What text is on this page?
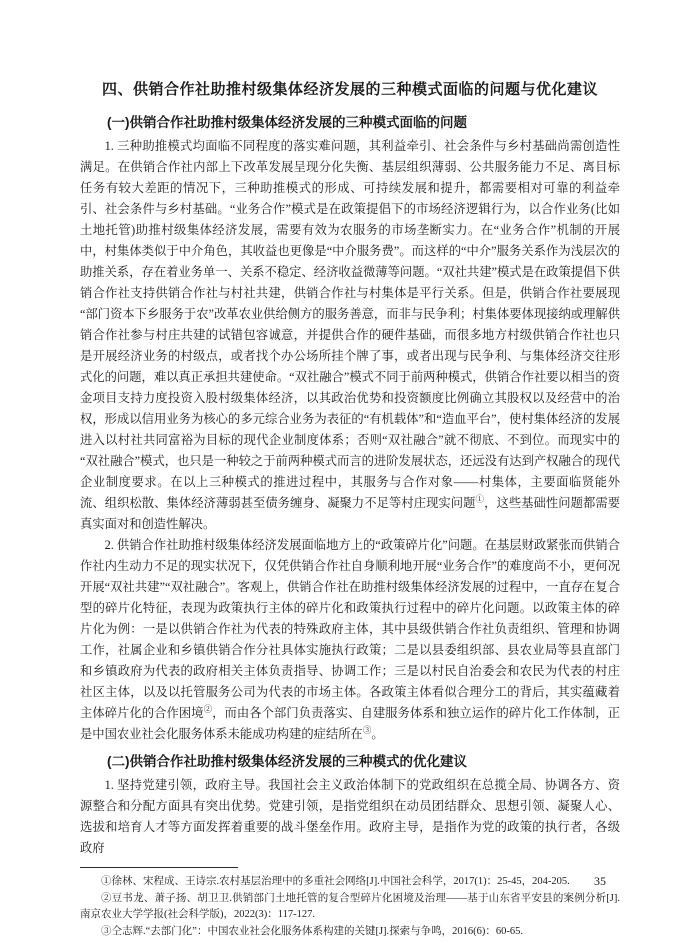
四、供销合作社助推村级集体经济发展的三种模式面临的问题与优化建议
(一)供销合作社助推村级集体经济发展的三种模式面临的问题

1. 三种助推模式均面临不同程度的落实难问题，其利益牵引、社会条件与乡村基础尚需创造性满足。在供销合作社内部上下改革发展呈现分化失衡、基层组织薄弱、公共服务能力不足、离目标任务有较大差距的情况下，三种助推模式的形成、可持续发展和提升，都需要相对可靠的利益牵引、社会条件与乡村基础。“业务合作”模式是在政策提倡下的市场经济逻辑行为，以合作业务(比如土地托管)助推村级集体经济发展，需要有效为农服务的市场垄断实力。在“业务合作”机制的开展中，村集体类似于中介角色，其收益也更像是“中介服务费”。而这样的“中介”服务关系作为浅层次的助推关系，存在着业务单一、关系不稳定、经济收益微薄等问题。“双社共建”模式是在政策提倡下供销合作社支持供销合作社与村社共建，供销合作社与村集体是平行关系。但是，供销合作社要展现“部门资本下乡服务于农”改革农业供给侧方的服务善意，而非与民争利；村集体要体现接纳或理解供销合作社参与村庄共建的试错包容诚意，并提供合作的硬件基础，而很多地方村级供销合作社也只是开展经济业务的村级点，或者找个办公场所挂个牌了事，或者出现与民争利、与集体经济交往形式化的问题，难以真正承担共建使命。“双社融合”模式不同于前两种模式，供销合作社要以相当的资金项目支持力度投资入股村级集体经济，以其政治优势和投资额度比例确立其股权以及经营中的治权，形成以信用业务为核心的多元综合业务为表征的“有机载体”和“造血平台”，使村集体经济的发展进入以村社共同富裕为目标的现代企业制度体系；否则“双社融合”就不彻底、不到位。而现实中的“双社融合”模式，也只是一种较之于前两种模式而言的进阶发展状态，还远没有达到产权融合的现代企业制度要求。在以上三种模式的推进过程中，其服务与合作对象——村集体，主要面临贤能外流、组织松散、集体经济薄弱甚至债务缠身、凝聚力不足等村庄现实问题①，这些基础性问题都需要真实面对和创造性解决。

2. 供销合作社助推村级集体经济发展面临地方上的“政策碎片化”问题。在基层财政紧张而供销合作社内生动力不足的现实状况下，仅凭供销合作社自身顺利地开展“业务合作”的难度尚不小，更何况开展“双社共建”“双社融合”。客观上，供销合作社在助推村级集体经济发展的过程中，一直存在复合型的碎片化特征，表现为政策执行主体的碎片化和政策执行过程中的碎片化问题。以政策主体的碎片化为例：一是以供销合作社为代表的特殊政府主体，其中县级供销合作社负责组织、管理和协调工作，社属企业和乡镇供销合作分社具体实施执行政策；二是以县委组织部、县农业局等县直部门和乡镇政府为代表的政府相关主体负责指导、协调工作；三是以村民自治委会和农民为代表的村庄社区主体，以及以托管服务公司为代表的市场主体。各政策主体看似合理分工的背后，其实蕴藏着主体碎片化的合作困境②，而由各个部门负责落实、自建服务体系和独立运作的碎片化工作体制，正是中国农业社会化服务体系未能成功构建的症结所在③。

(二)供销合作社助推村级集体经济发展的三种模式的优化建议

1. 坚持党建引领，政府主导。我国社会主义政治体制下的党政组织在总揽全局、协调各方、资源整合和分配方面具有突出优势。党建引领，是指党组织在动员团结群众、思想引领、凝聚人心、选拔和培育人才等方面发挥着重要的战斗堡垒作用。政府主导，是指作为党的政策的执行者，各级政府

①徐林、宋程成、王诗宗.农村基层治理中的多重社会网络[J].中国社会科学，2017(1)：25-45，204-205.

②豆书龙、萧子扬、胡卫卫.供销部门土地托管的复合型碎片化困境及治理——基于山东省平安县的案例分析[J].南京农业大学学报(社会科学版)，2022(3)：117-127.

③仝志辉.“去部门化”：中国农业社会化服务体系构建的关键[J].探索与争鸣，2016(6)：60-65.

35
